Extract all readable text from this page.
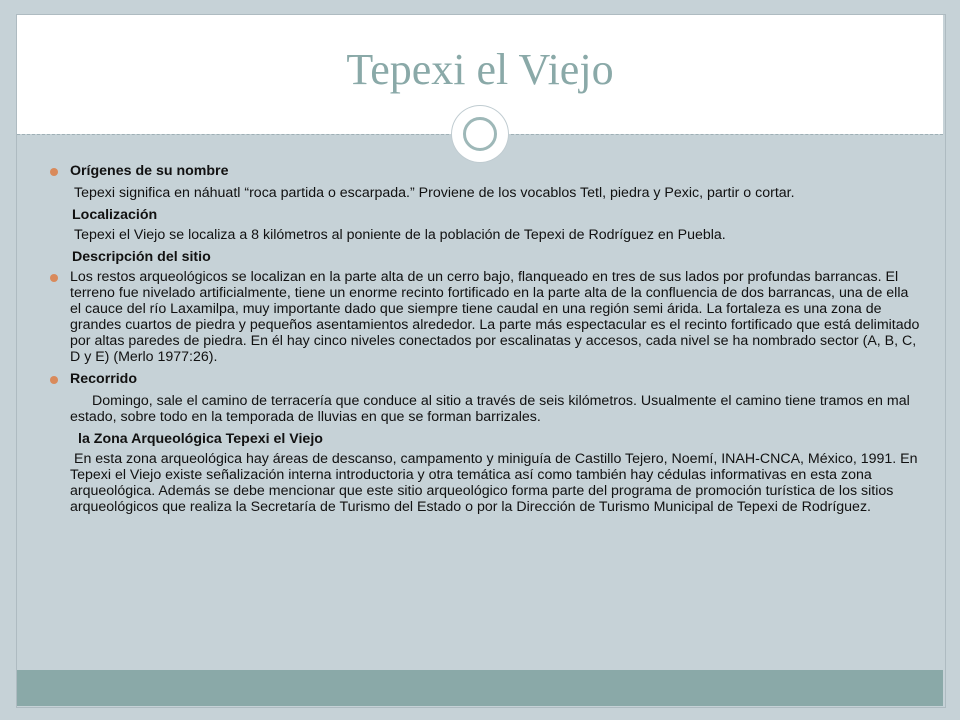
Tepexi el Viejo
Orígenes de su nombre
Tepexi significa en náhuatl “roca partida o escarpada.” Proviene de los vocablos Tetl, piedra y Pexic, partir o cortar.
Localización
Tepexi el Viejo se localiza a 8 kilómetros al poniente de la población de Tepexi de Rodríguez en Puebla.
Descripción del sitio
Los restos arqueológicos se localizan en la parte alta de un cerro bajo, flanqueado en tres de sus lados por profundas barrancas. El terreno fue nivelado artificialmente, tiene un enorme recinto fortificado en la parte alta de la confluencia de dos barrancas, una de ella el cauce del río Laxamilpa, muy importante dado que siempre tiene caudal en una región semi árida. La fortaleza es una zona de grandes cuartos de piedra y pequeños asentamientos alrededor. La parte más espectacular es el recinto fortificado que está delimitado por altas paredes de piedra. En él hay cinco niveles conectados por escalinatas y accesos, cada nivel se ha nombrado sector (A, B, C, D y E) (Merlo 1977:26).
Recorrido
Domingo, sale el camino de terracería que conduce al sitio a través de seis kilómetros. Usualmente el camino tiene tramos en mal estado, sobre todo en la temporada de lluvias en que se forman barrizales.
la Zona Arqueológica Tepexi el Viejo
En esta zona arqueológica hay áreas de descanso, campamento y miniguía de Castillo Tejero, Noemí, INAH-CNCA, México, 1991. En Tepexi el Viejo existe señalización interna introductoria y otra temática así como también hay cédulas informativas en esta zona arqueológica. Además se debe mencionar que este sitio arqueológico forma parte del programa de promoción turística de los sitios arqueológicos que realiza la Secretaría de Turismo del Estado o por la Dirección de Turismo Municipal de Tepexi de Rodríguez.
